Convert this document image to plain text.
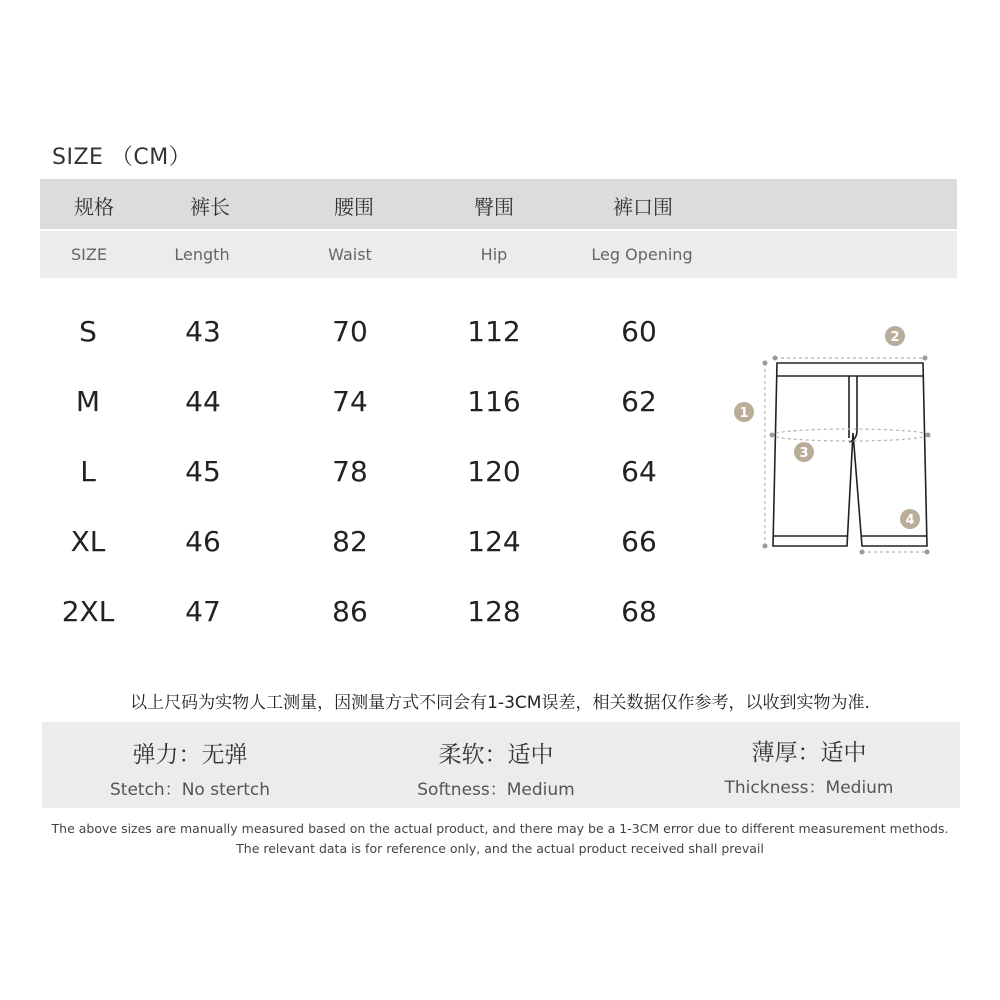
SIZE （CM）
规格	裤长	腰围	臀围	裤口围
SIZE	Length	Waist	Hip	Leg Opening
S	43	70	112	60
M	44	74	116	62
L	45	78	120	64
XL	46	82	124	66
2XL	47	86	128	68
2
1
3
4
以上尺码为实物人工测量，因测量方式不同会有1-3CM误差，相关数据仅作参考，以收到实物为准.
弹力：无弹
Stetch：No stertch
柔软：适中
Softness：Medium
薄厚：适中
Thickness：Medium
The above sizes are manually measured based on the actual product, and there may be a 1-3CM error due to different measurement methods.
The relevant data is for reference only, and the actual product received shall prevail
